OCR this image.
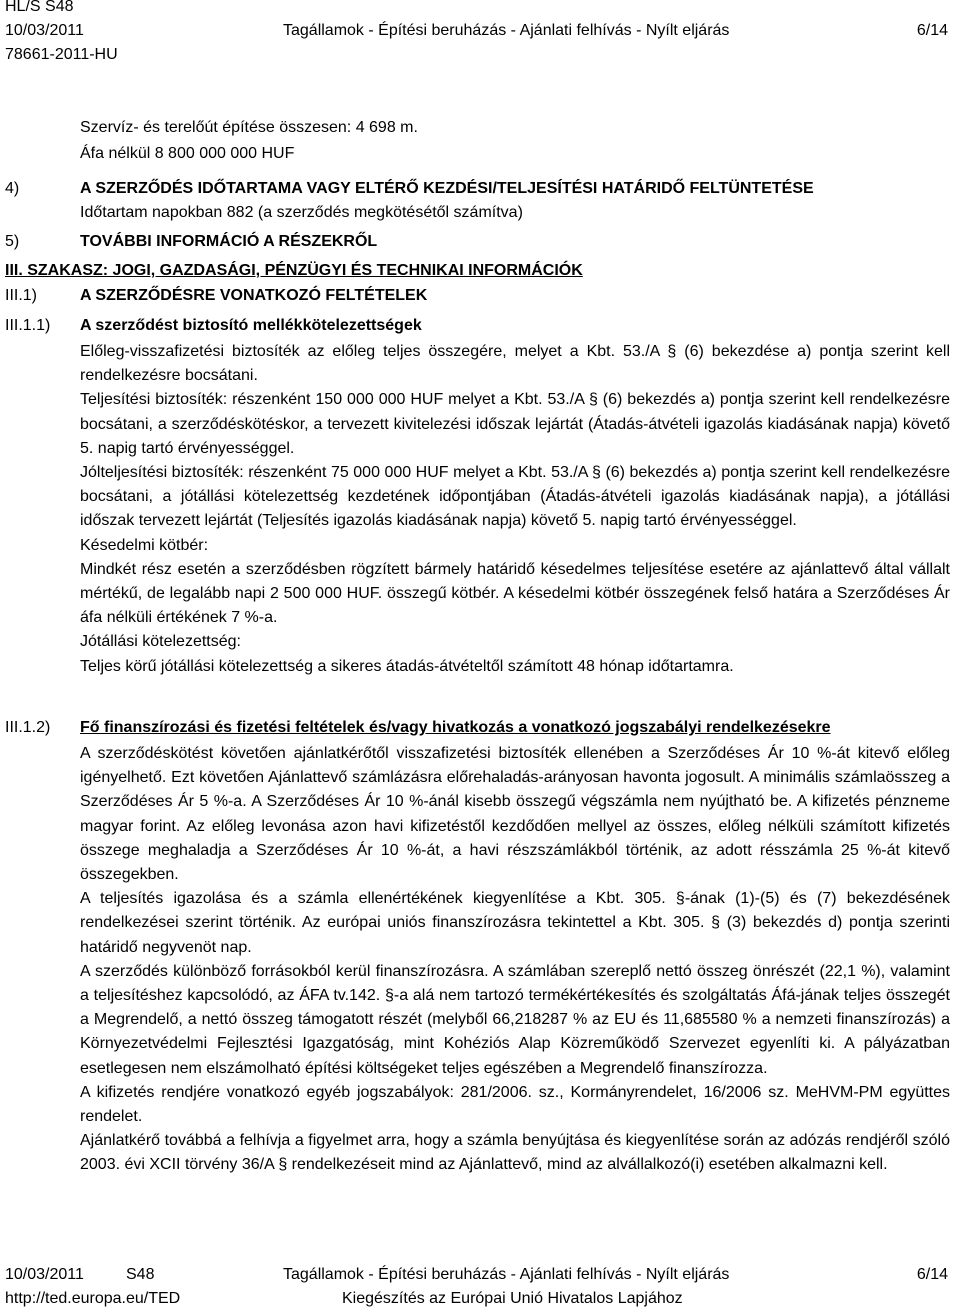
HL/S S48
10/03/2011
78661-2011-HU
Tagállamok - Építési beruházás - Ajánlati felhívás - Nyílt eljárás	6/14
Szervíz- és terelőút építése összesen: 4 698 m.
Áfa nélkül 8 800 000 000 HUF
4)	A SZERZŐDÉS IDŐTARTAMA VAGY ELTÉRŐ KEZDÉSI/TELJESÍTÉSI HATÁRIDŐ FELTÜNTETÉSE
Időtartam napokban 882 (a szerződés megkötésétől számítva)
5)	TOVÁBBI INFORMÁCIÓ A RÉSZEKRŐL
III. SZAKASZ: JOGI, GAZDASÁGI, PÉNZÜGYI ÉS TECHNIKAI INFORMÁCIÓK
III.1)	A SZERZŐDÉSRE VONATKOZÓ FELTÉTELEK
III.1.1) A szerződést biztosító mellékkötelezettségek

Előleg-visszafizetési biztosíték az előleg teljes összegére, melyet a Kbt. 53./A § (6) bekezdése a) pontja szerint kell rendelkezésre bocsátani.

Teljesítési biztosíték: részenként 150 000 000 HUF melyet a Kbt. 53./A § (6) bekezdés a) pontja szerint kell rendelkezésre bocsátani, a szerződéskötéskor, a tervezett kivitelezési időszak lejártát (Átadás-átvételi igazolás kiadásának napja) követő 5. napig tartó érvényességgel.

Jólteljesítési biztosíték: részenként 75 000 000 HUF melyet a Kbt. 53./A § (6) bekezdés a) pontja szerint kell rendelkezésre bocsátani, a jótállási kötelezettség kezdetének időpontjában (Átadás-átvételi igazolás kiadásának napja), a jótállási időszak tervezett lejártát (Teljesítés igazolás kiadásának napja) követő 5. napig tartó érvényességgel.

Késedelmi kötbér:

Mindkét rész esetén a szerződésben rögzített bármely határidő késedelmes teljesítése esetére az ajánlattevő által vállalt mértékű, de legalább napi 2 500 000 HUF. összegű kötbér. A késedelmi kötbér összegének felső határa a Szerződéses Ár áfa nélküli értékének 7 %-a.

Jótállási kötelezettség:

Teljes körű jótállási kötelezettség a sikeres átadás-átvételtől számított 48 hónap időtartamra.

III.1.2) Fő finanszírozási és fizetési feltételek és/vagy hivatkozás a vonatkozó jogszabályi rendelkezésekre

A szerződéskötést követően ajánlatkérőtől visszafizetési biztosíték ellenében a Szerződéses Ár 10 %-át kitevő előleg igényelhető. Ezt követően Ajánlattevő számlázásra előrehaladás-arányosan havonta jogosult. A minimális számlaösszeg a Szerződéses Ár 5 %-a. A Szerződéses Ár 10 %-ánál kisebb összegű végszámla nem nyújtható be. A kifizetés pénzneme magyar forint. Az előleg levonása azon havi kifizetéstől kezdődően mellyel az összes, előleg nélküli számított kifizetés összege meghaladja a Szerződéses Ár 10 %-át, a havi részszámlákból történik, az adott résszámla 25 %-át kitevő összegekben.

A teljesítés igazolása és a számla ellenértékének kiegyenlítése a Kbt. 305. §-ának (1)-(5) és (7) bekezdésének rendelkezései szerint történik. Az európai uniós finanszírozásra tekintettel a Kbt. 305. § (3) bekezdés d) pontja szerinti határidő negyvenöt nap.

A szerződés különböző forrásokból kerül finanszírozásra. A számlában szereplő nettó összeg önrészét (22,1 %), valamint a teljesítéshez kapcsolódó, az ÁFA tv.142. §-a alá nem tartozó termékértékesítés és szolgáltatás Áfá-jának teljes összegét a Megrendelő, a nettó összeg támogatott részét (melyből 66,218287 % az EU és 11,685580 % a nemzeti finanszírozás) a Környezetvédelmi Fejlesztési Igazgatóság, mint Kohéziós Alap Közreműködő Szervezet egyenlíti ki. A pályázatban esetlegesen nem elszámolható építési költségeket teljes egészében a Megrendelő finanszírozza.

A kifizetés rendjére vonatkozó egyéb jogszabályok: 281/2006. sz., Kormányrendelet, 16/2006 sz. MeHVM-PM együttes rendelet.

Ajánlatkérő továbbá a felhívja a figyelmet arra, hogy a számla benyújtása és kiegyenlítése során az adózás rendjéről szóló 2003. évi XCII törvény 36/A § rendelkezéseit mind az Ajánlattevő, mind az alvállalkozó(i) esetében alkalmazni kell.

10/03/2011	S48	Tagállamok - Építési beruházás - Ajánlati felhívás - Nyílt eljárás	6/14
http://ted.europa.eu/TED	Kiegészítés az Európai Unió Hivatalos Lapjához
